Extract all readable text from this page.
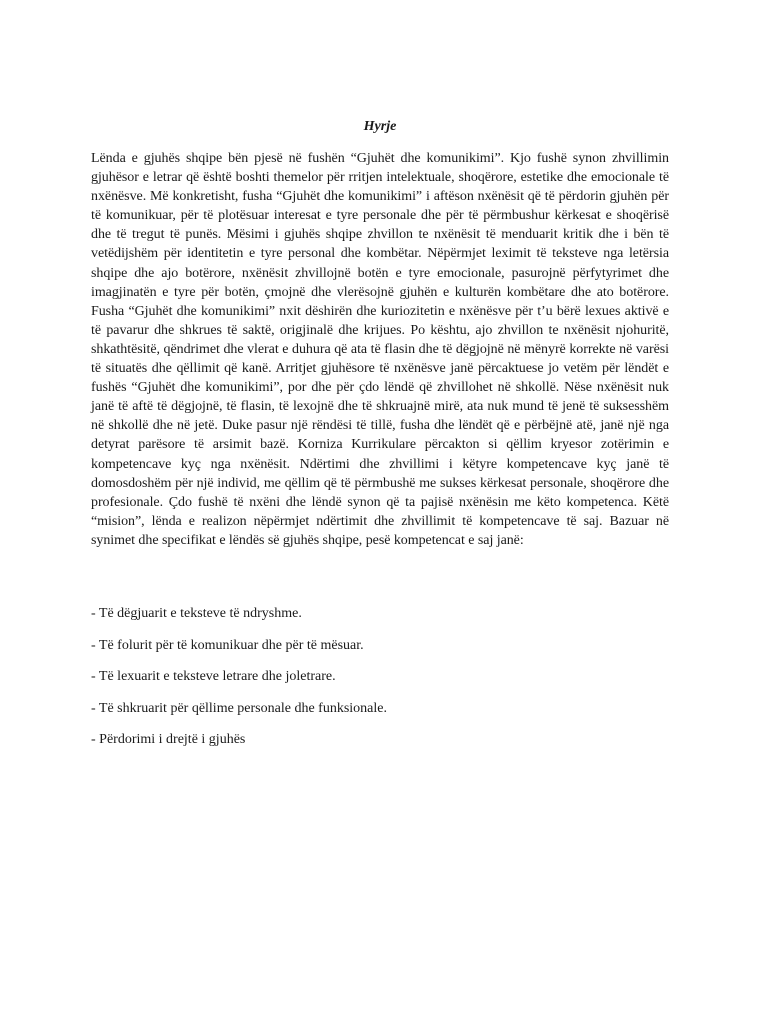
Hyrje

Lënda e gjuhës shqipe bën pjesë në fushën “Gjuhët dhe komunikimi”. Kjo fushë synon zhvillimin gjuhësor e letrar që është boshti themelor për rritjen intelektuale, shoqërore, estetike dhe emocionale të nxënësve. Më konkretisht, fusha “Gjuhët dhe komunikimi” i aftëson nxënësit që të përdorin gjuhën për të komunikuar, për të plotësuar interesat e tyre personale dhe për të përmbushur kërkesat e shoqërisë dhe të tregut të punës. Mësimi i gjuhës shqipe zhvillon te nxënësit të menduarit kritik dhe i bën të vetëdijshëm për identitetin e tyre personal dhe kombëtar. Nëpërmjet leximit të teksteve nga letërsia shqipe dhe ajo botërore, nxënësit zhvillojnë botën e tyre emocionale, pasurojnë përfytyrimet dhe imagjinatën e tyre për botën, çmojnë dhe vlerësojnë gjuhën e kulturën kombëtare dhe ato botërore. Fusha “Gjuhët dhe komunikimi” nxit dëshirën dhe kuriozitetin e nxënësve për t’u bërë lexues aktivë e të pavarur dhe shkrues të saktë, origjinalë dhe krijues. Po kështu, ajo zhvillon te nxënësit njohuritë, shkathtësitë, qëndrimet dhe vlerat e duhura që ata të flasin dhe të dëgjojnë në mënyrë korrekte në varësi të situatës dhe qëllimit që kanë. Arritjet gjuhësore të nxënësve janë përcaktuese jo vetëm për lëndët e fushës “Gjuhët dhe komunikimi”, por dhe për çdo lëndë që zhvillohet në shkollë. Nëse nxënësit nuk janë të aftë të dëgjojnë, të flasin, të lexojnë dhe të shkruajnë mirë, ata nuk mund të jenë të suksesshëm në shkollë dhe në jetë. Duke pasur një rëndësi të tillë, fusha dhe lëndët që e përbëjnë atë, janë një nga detyrat parësore të arsimit bazë. Korniza Kurrikulare përcakton si qëllim kryesor zotërimin e kompetencave kyç nga nxënësit. Ndërtimi dhe zhvillimi i këtyre kompetencave kyç janë të domosdoshëm për një individ, me qëllim që të përmbushë me sukses kërkesat personale, shoqërore dhe profesionale. Çdo fushë të nxëni dhe lëndë synon që ta pajisë nxënësin me këto kompetenca. Këtë “mision”, lënda e realizon nëpërmjet ndërtimit dhe zhvillimit të kompetencave të saj. Bazuar në synimet dhe specifikat e lëndës së gjuhës shqipe, pesë kompetencat e saj janë:

- Të dëgjuarit e teksteve të ndryshme.
- Të folurit për të komunikuar dhe për të mësuar.
- Të lexuarit e teksteve letrare dhe joletrare.
- Të shkruarit për qëllime personale dhe funksionale.
- Përdorimi i drejtë i gjuhës
